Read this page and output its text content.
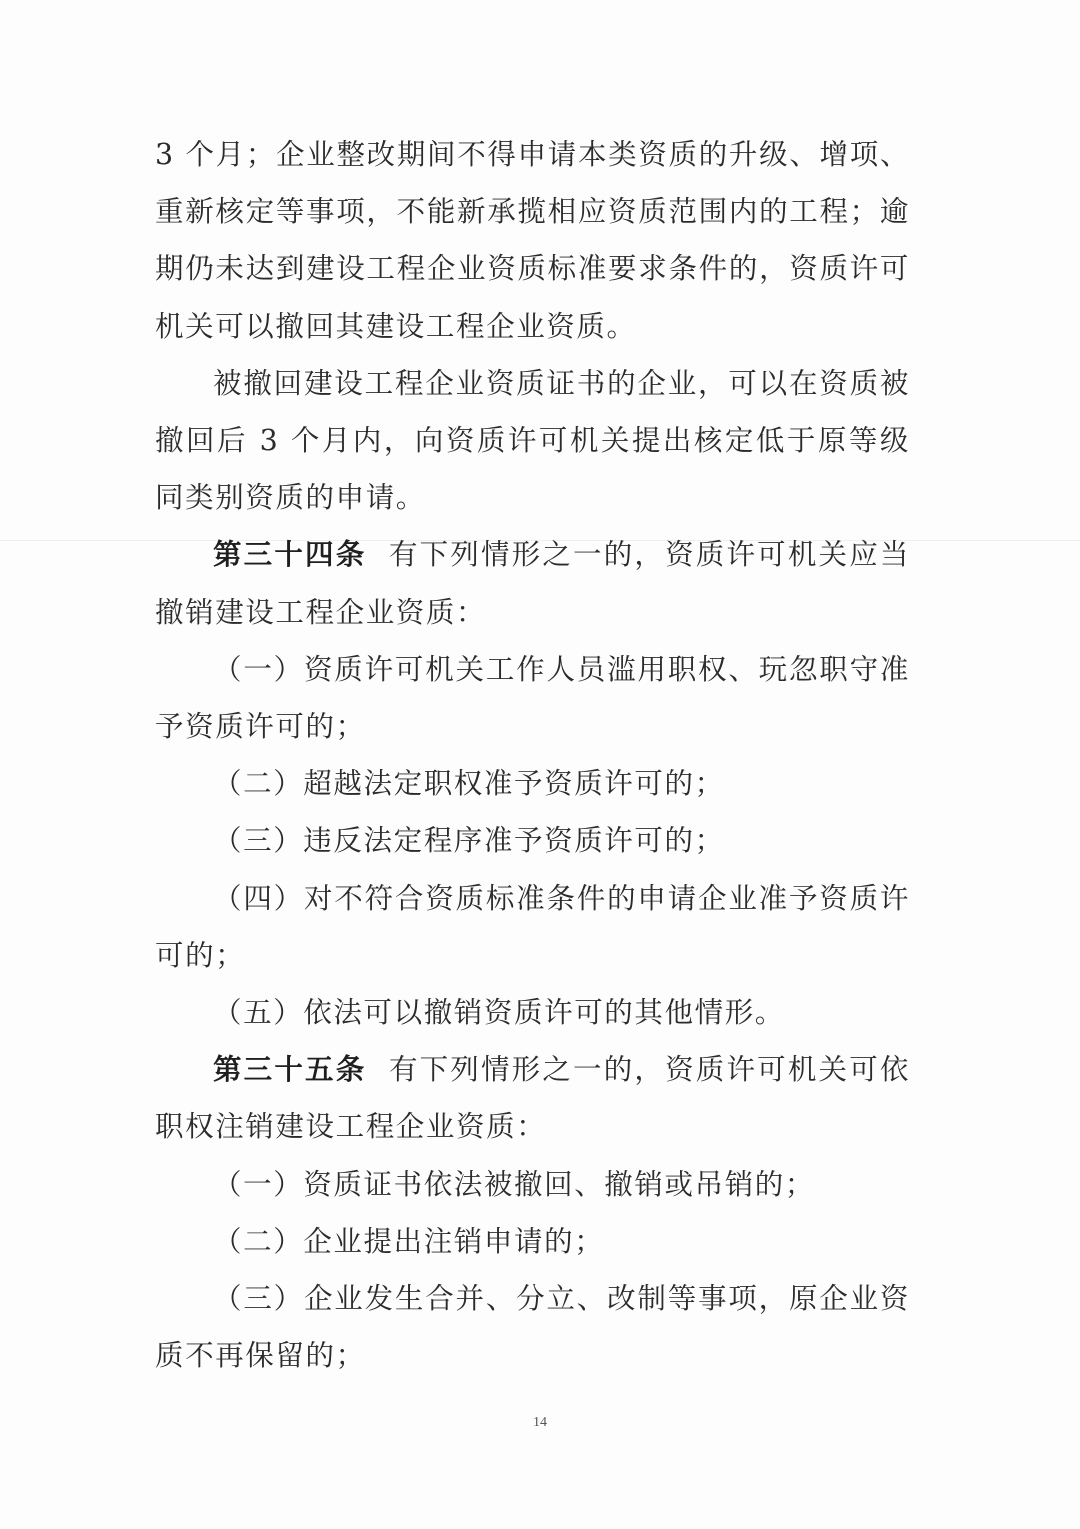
3 个月；企业整改期间不得申请本类资质的升级、增项、重新核定等事项，不能新承揽相应资质范围内的工程；逾期仍未达到建设工程企业资质标准要求条件的，资质许可机关可以撤回其建设工程企业资质。

被撤回建设工程企业资质证书的企业，可以在资质被撤回后 3 个月内，向资质许可机关提出核定低于原等级同类别资质的申请。

第三十四条 有下列情形之一的，资质许可机关应当撤销建设工程企业资质：

（一）资质许可机关工作人员滥用职权、玩忽职守准予资质许可的；

（二）超越法定职权准予资质许可的；

（三）违反法定程序准予资质许可的；

（四）对不符合资质标准条件的申请企业准予资质许可的；

（五）依法可以撤销资质许可的其他情形。

第三十五条 有下列情形之一的，资质许可机关可依职权注销建设工程企业资质：

（一）资质证书依法被撤回、撤销或吊销的；

（二）企业提出注销申请的；

（三）企业发生合并、分立、改制等事项，原企业资质不再保留的；

14
